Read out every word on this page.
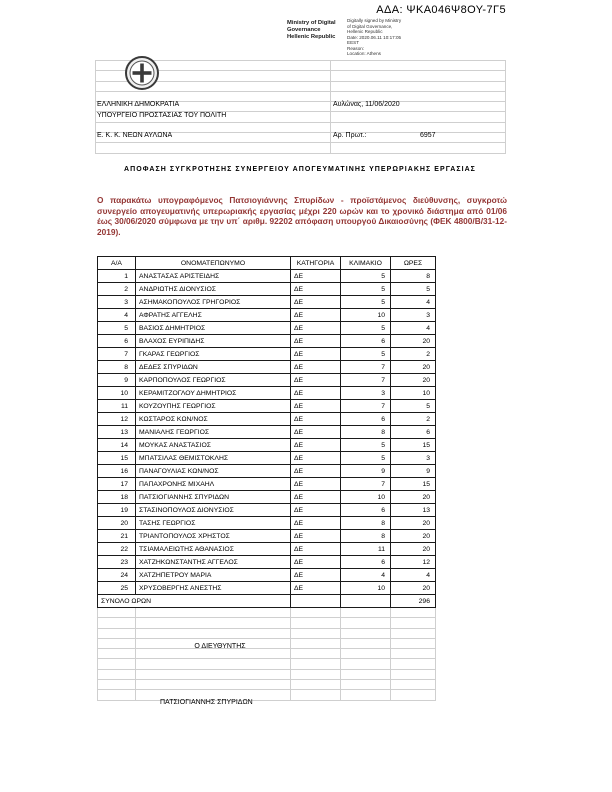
ΑΔΑ: ΨΚΑ046Ψ8ΟΥ-7Γ5
Ministry of Digital
Governance
Hellenic Republic
Digitally signed by Ministry
of Digital Governance,
Hellenic Republic
Date: 2020.06.11 10:17:05
EEST
Reason:
Location: Athens

ΕΛΛΗΝΙΚΗ ΔΗΜΟΚΡΑΤΙΑ
ΥΠΟΥΡΓΕΙΟ ΠΡΟΣΤΑΣΙΑΣ ΤΟΥ ΠΟΛΙΤΗ
Ε. Κ. Κ. ΝΕΩΝ ΑΥΛΩΝΑ
Αυλώνας, 11/06/2020
Αρ. Πρωτ.:	6957
ΑΠΟΦΑΣΗ ΣΥΓΚΡΟΤΗΣΗΣ ΣΥΝΕΡΓΕΙΟΥ ΑΠΟΓΕΥΜΑΤΙΝΗΣ ΥΠΕΡΩΡΙΑΚΗΣ ΕΡΓΑΣΙΑΣ
Ο παρακάτω υπογραφόμενος Πατσιογιάννης Σπυρίδων - προϊστάμενος διεύθυνσης, συγκροτώ συνεργείο απογευματινής υπερωριακής εργασίας μέχρι 220 ωρών και το χρονικό διάστημα από 01/06 έως 30/06/2020 σύμφωνα με την υπ΄ αριθμ. 92202 απόφαση υπουργού Δικαιοσύνης (ΦΕΚ 4800/Β/31-12-2019).
Α/Α	ΟΝΟΜΑΤΕΠΩΝΥΜΟ	ΚΑΤΗΓΟΡΙΑ	ΚΛΙΜΑΚΙΟ	ΩΡΕΣ
1	ΑΝΑΣΤΑΣΑΣ ΑΡΙΣΤΕΙΔΗΣ	ΔΕ	5	8
2	ΑΝΔΡΙΩΤΗΣ ΔΙΟΝΥΣΙΟΣ	ΔΕ	5	5
3	ΑΣΗΜΑΚΟΠΟΥΛΟΣ ΓΡΗΓΟΡΙΟΣ	ΔΕ	5	4
4	ΑΦΡΑΤΗΣ ΑΓΓΕΛΗΣ	ΔΕ	10	3
5	ΒΑΣΙΟΣ ΔΗΜΗΤΡΙΟΣ	ΔΕ	5	4
6	ΒΛΑΧΟΣ ΕΥΡΙΠΙΔΗΣ	ΔΕ	6	20
7	ΓΚΑΡΑΣ ΓΕΩΡΓΙΟΣ	ΔΕ	5	2
8	ΔΕΔΕΣ ΣΠΥΡΙΔΩΝ	ΔΕ	7	20
9	ΚΑΡΠΟΠΟΥΛΟΣ ΓΕΩΡΓΙΟΣ	ΔΕ	7	20
10	ΚΕΡΑΜΙΤΖΟΓΛΟΥ ΔΗΜΗΤΡΙΟΣ	ΔΕ	3	10
11	ΚΟΥΖΟΥΠΗΣ ΓΕΩΡΓΙΟΣ	ΔΕ	7	5
12	ΚΩΣΤΑΡΟΣ ΚΩΝ/ΝΟΣ	ΔΕ	6	2
13	ΜΑΝΙΑΛΗΣ ΓΕΩΡΓΙΟΣ	ΔΕ	8	6
14	ΜΟΥΚΑΣ ΑΝΑΣΤΑΣΙΟΣ	ΔΕ	5	15
15	ΜΠΑΤΣΙΛΑΣ ΘΕΜΙΣΤΟΚΛΗΣ	ΔΕ	5	3
16	ΠΑΝΑΓΟΥΛΙΑΣ ΚΩΝ/ΝΟΣ	ΔΕ	9	9
17	ΠΑΠΑΧΡΟΝΗΣ ΜΙΧΑΗΛ	ΔΕ	7	15
18	ΠΑΤΣΙΟΓΙΑΝΝΗΣ ΣΠΥΡΙΔΩΝ	ΔΕ	10	20
19	ΣΤΑΣΙΝΟΠΟΥΛΟΣ ΔΙΟΝΥΣΙΟΣ	ΔΕ	6	13
20	ΤΑΣΗΣ ΓΕΩΡΓΙΟΣ	ΔΕ	8	20
21	ΤΡΙΑΝΤΟΠΟΥΛΟΣ ΧΡΗΣΤΟΣ	ΔΕ	8	20
22	ΤΣΙΑΜΑΛΕΙΩΤΗΣ ΑΘΑΝΑΣΙΟΣ	ΔΕ	11	20
23	ΧΑΤΖΗΚΩΝΣΤΑΝΤΗΣ ΑΓΓΕΛΟΣ	ΔΕ	6	12
24	ΧΑΤΖΗΠΕΤΡΟΥ ΜΑΡΙΑ	ΔΕ	4	4
25	ΧΡΥΣΟΒΕΡΓΗΣ ΑΝΕΣΤΗΣ	ΔΕ	10	20
ΣΥΝΟΛΟ ΩΡΩΝ				296

Ο ΔΙΕΥΘΥΝΤΗΣ
ΠΑΤΣΙΟΓΙΑΝΝΗΣ ΣΠΥΡΙΔΩΝ
